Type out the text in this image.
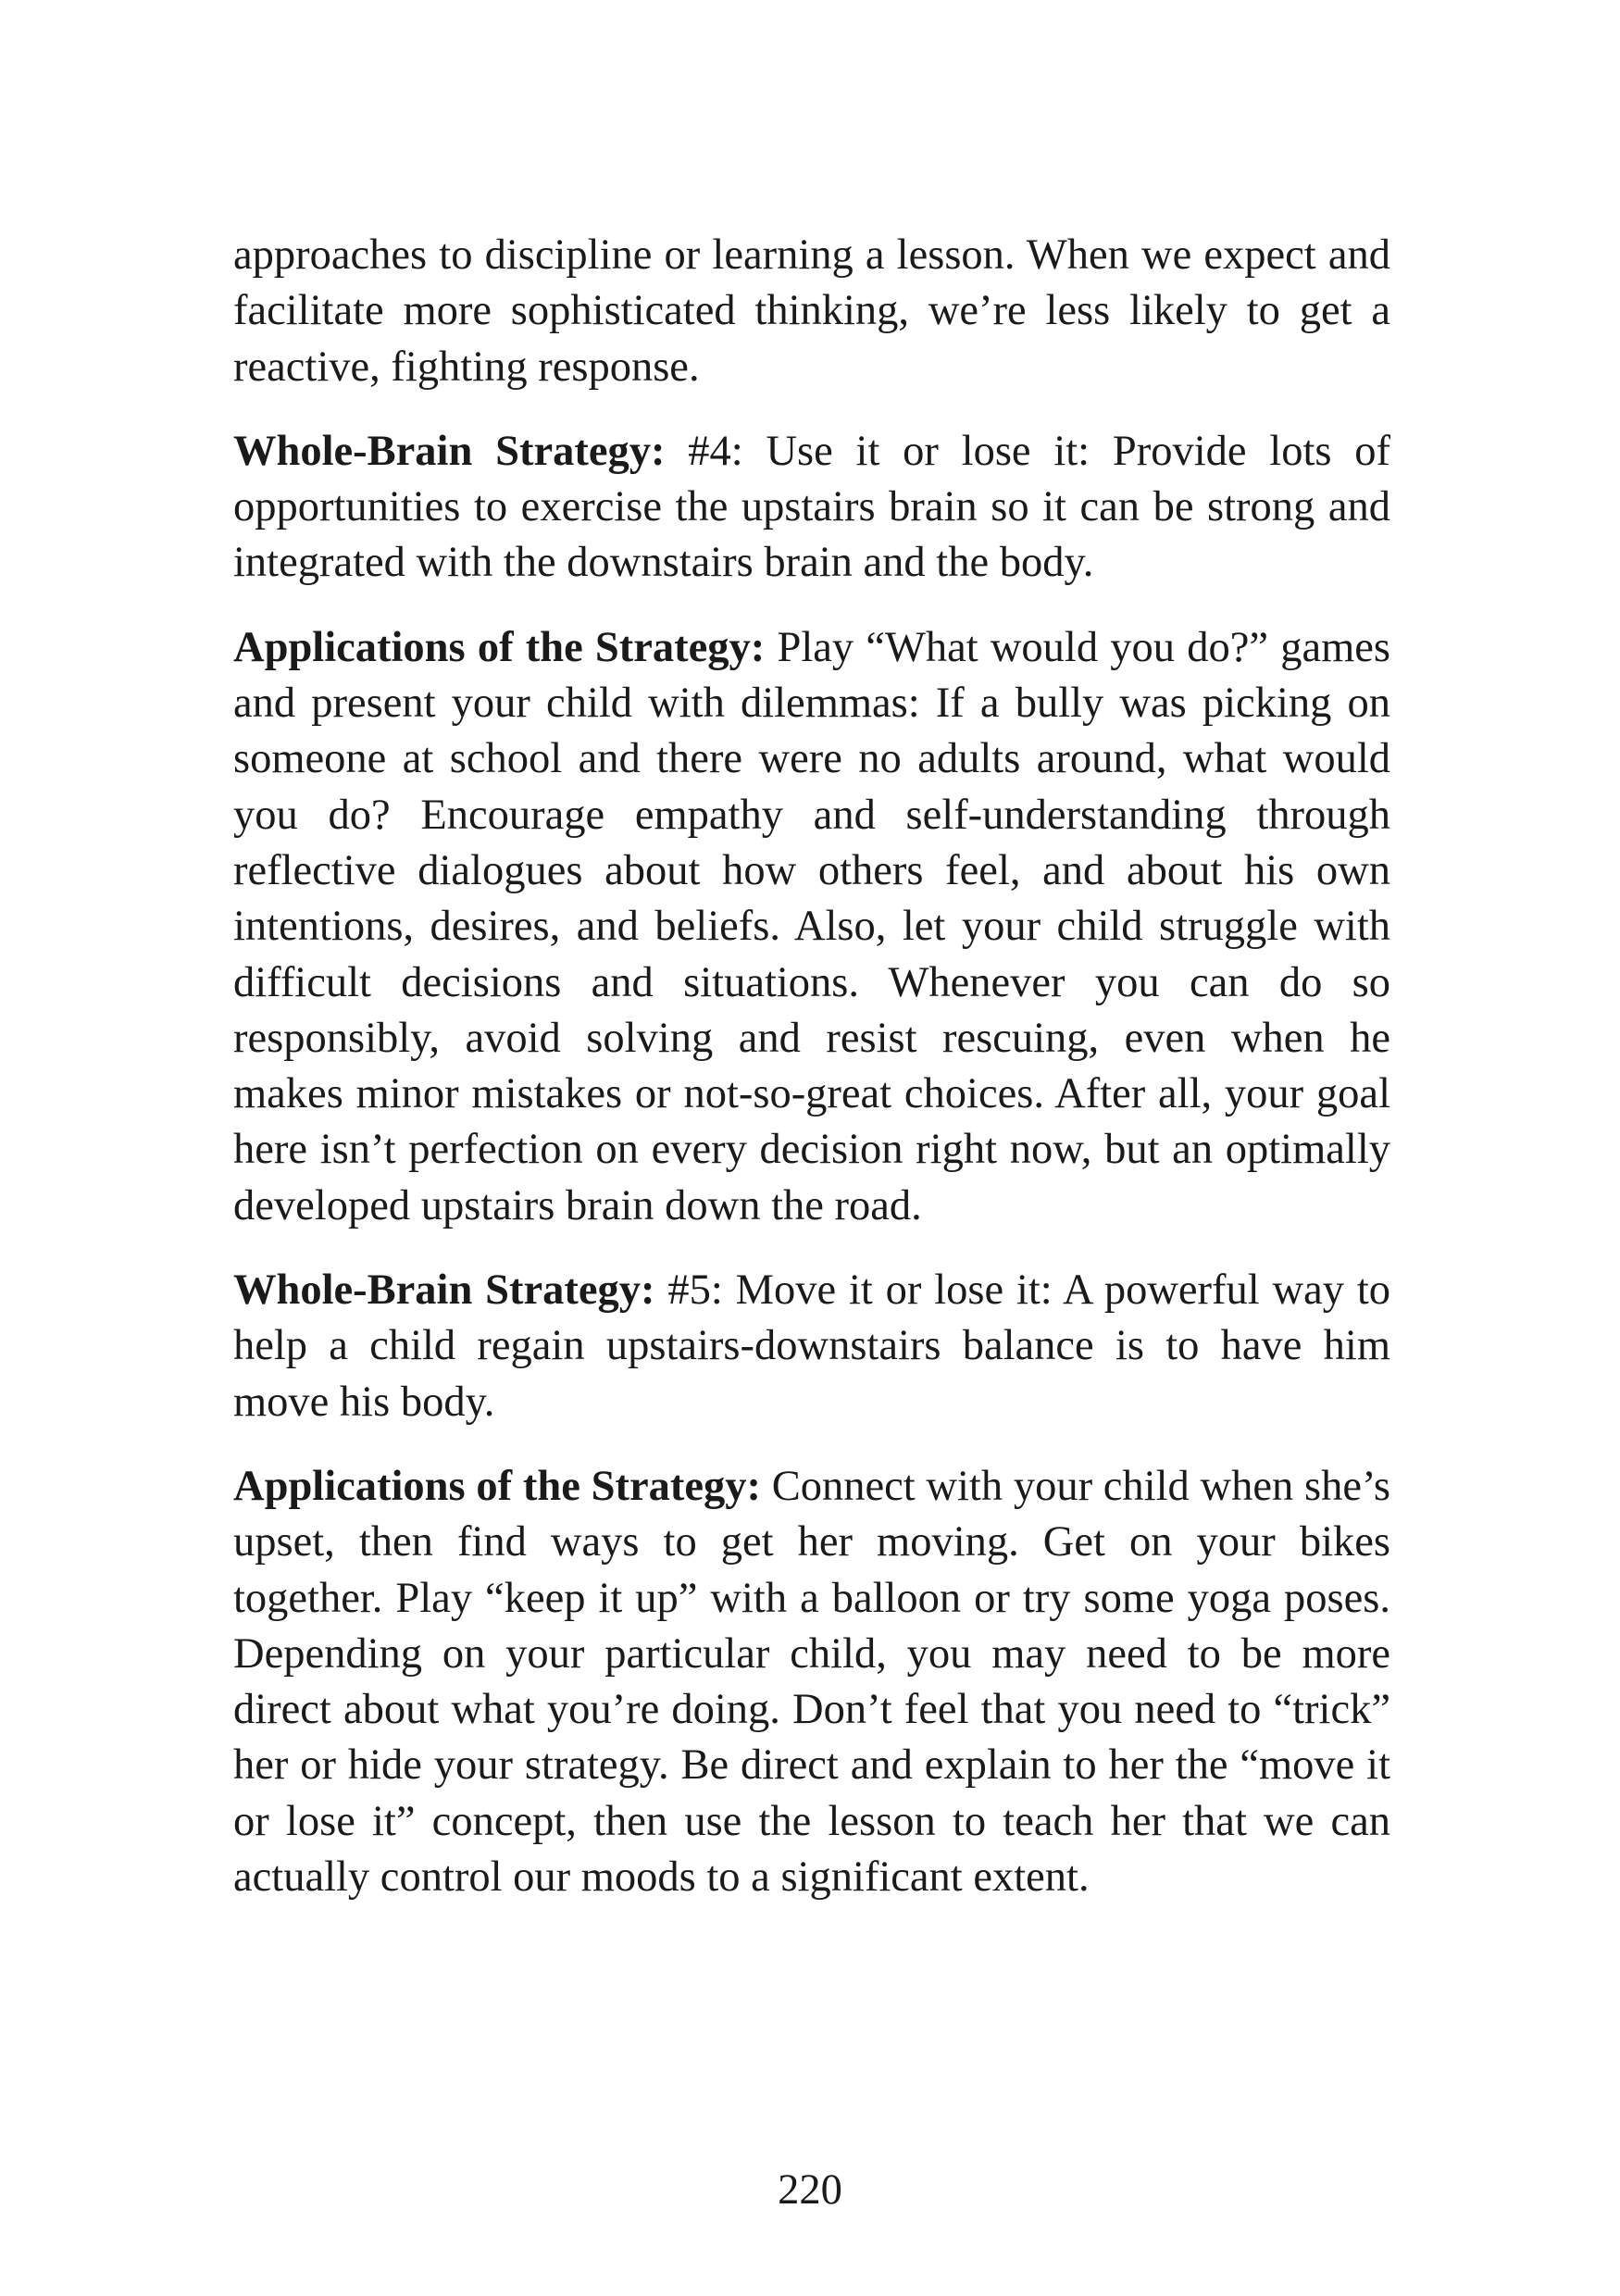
approaches to discipline or learning a lesson. When we expect and facilitate more sophisticated thinking, we’re less likely to get a reactive, fighting response.

Whole-Brain Strategy: #4: Use it or lose it: Provide lots of opportunities to exercise the upstairs brain so it can be strong and integrated with the downstairs brain and the body.

Applications of the Strategy: Play “What would you do?” games and present your child with dilemmas: If a bully was picking on someone at school and there were no adults around, what would you do? Encourage empathy and self-understanding through reflective dialogues about how others feel, and about his own intentions, desires, and beliefs. Also, let your child struggle with difficult decisions and situations. Whenever you can do so responsibly, avoid solving and resist rescuing, even when he makes minor mistakes or not-so-great choices. After all, your goal here isn’t perfection on every decision right now, but an optimally developed upstairs brain down the road.

Whole-Brain Strategy: #5: Move it or lose it: A powerful way to help a child regain upstairs-downstairs balance is to have him move his body.

Applications of the Strategy: Connect with your child when she’s upset, then find ways to get her moving. Get on your bikes together. Play “keep it up” with a balloon or try some yoga poses. Depending on your particular child, you may need to be more direct about what you’re doing. Don’t feel that you need to “trick” her or hide your strategy. Be direct and explain to her the “move it or lose it” concept, then use the lesson to teach her that we can actually control our moods to a significant extent.

220
